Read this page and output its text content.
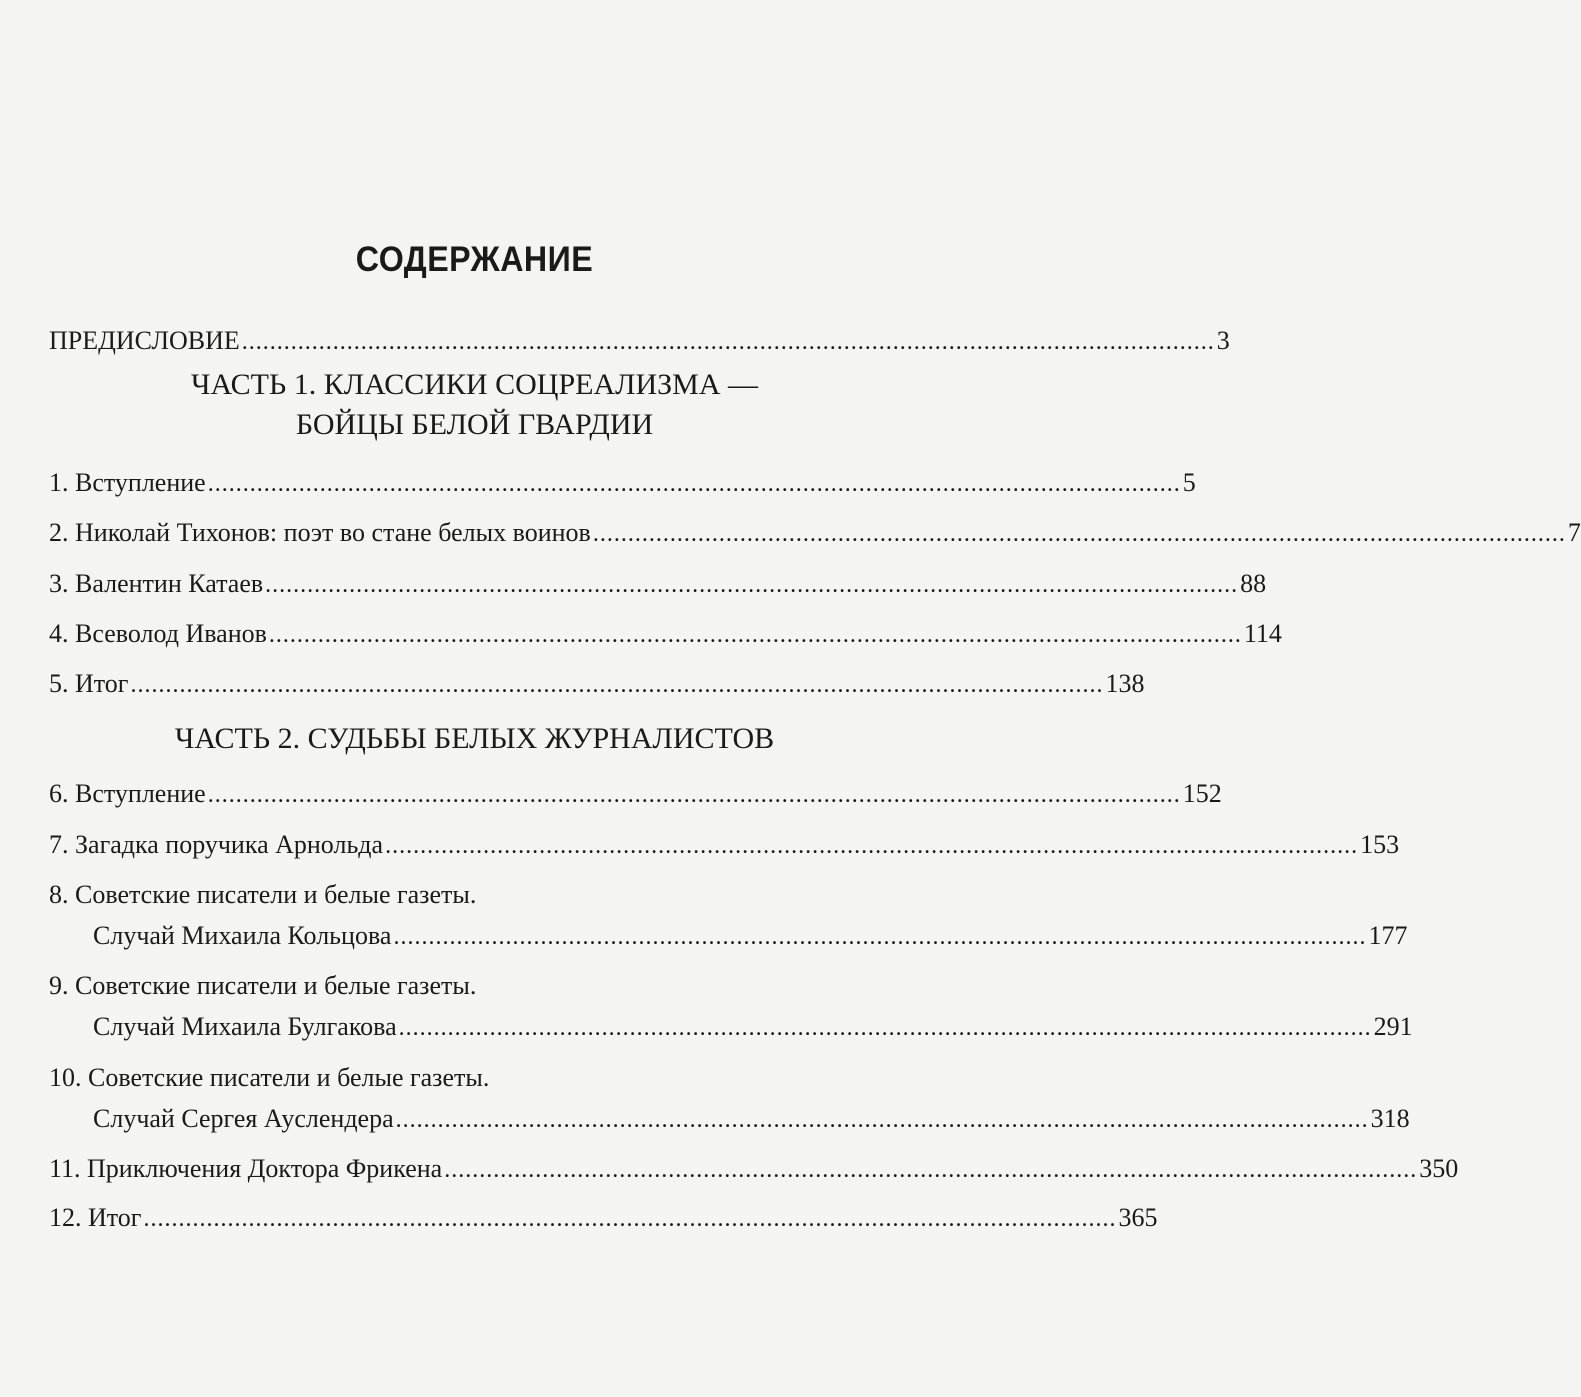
СОДЕРЖАНИЕ
ПРЕДИСЛОВИЕ ........................................................................................................................................... 3
ЧАСТЬ 1. КЛАССИКИ СОЦРЕАЛИЗМА —
БОЙЦЫ БЕЛОЙ ГВАРДИИ
1. Вступление ........................................................................................................................................... 5
2. Николай Тихонов: поэт во стане белых воинов ........................................................................................................................................... 7
3. Валентин Катаев ........................................................................................................................................... 88
4. Всеволод Иванов ........................................................................................................................................... 114
5. Итог ........................................................................................................................................... 138
ЧАСТЬ 2. СУДЬБЫ БЕЛЫХ ЖУРНАЛИСТОВ
6. Вступление ........................................................................................................................................... 152
7. Загадка поручика Арнольда ........................................................................................................................................... 153
8. Советские писатели и белые газеты.
Случай Михаила Кольцова ........................................................................................................................................... 177
9. Советские писатели и белые газеты.
Случай Михаила Булгакова ........................................................................................................................................... 291
10. Советские писатели и белые газеты.
Случай Сергея Ауслендера ........................................................................................................................................... 318
11. Приключения Доктора Фрикена ........................................................................................................................................... 350
12. Итог ........................................................................................................................................... 365
